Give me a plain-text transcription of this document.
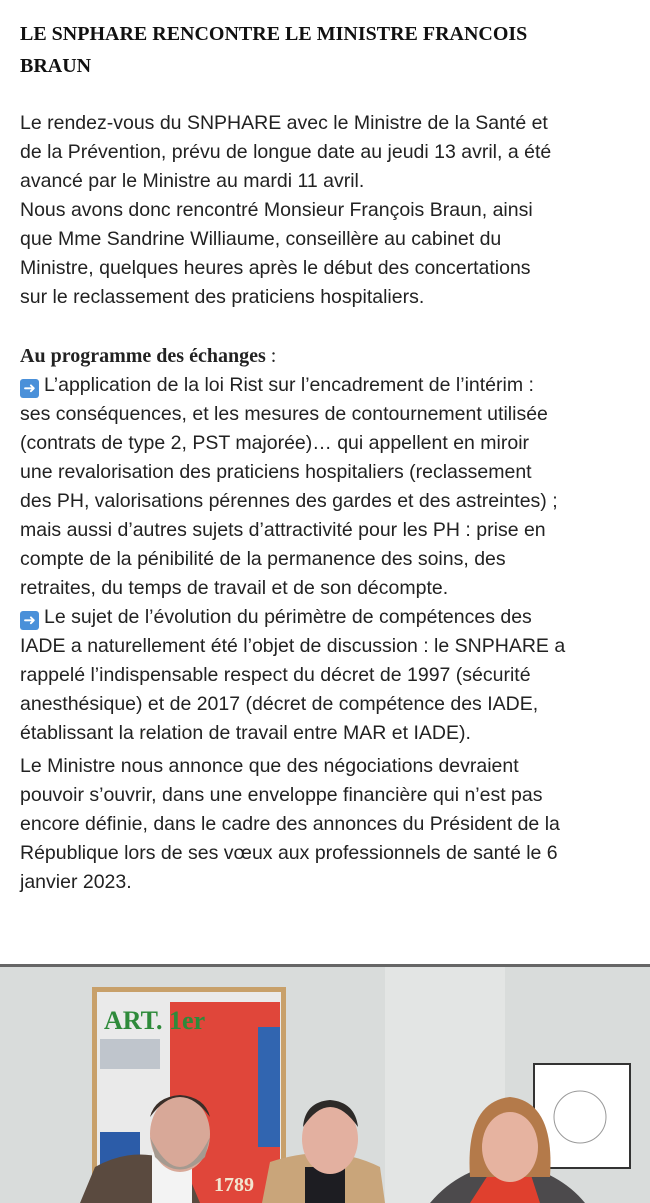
LE SNPHARE RENCONTRE LE MINISTRE FRANCOIS
BRAUN
Le rendez-vous du SNPHARE avec le Ministre de la Santé et
de la Prévention, prévu de longue date au jeudi 13 avril, a été
avancé par le Ministre au mardi 11 avril.
Nous avons donc rencontré Monsieur François Braun, ainsi
que Mme Sandrine Williaume, conseillère au cabinet du
Ministre, quelques heures après le début des concertations
sur le reclassement des praticiens hospitaliers.
Au programme des échanges :
➜ L’application de la loi Rist sur l’encadrement de l’intérim :
ses conséquences, et les mesures de contournement utilisée
(contrats de type 2, PST majorée)… qui appellent en miroir
une revalorisation des praticiens hospitaliers (reclassement
des PH, valorisations pérennes des gardes et des astreintes) ;
mais aussi d’autres sujets d’attractivité pour les PH : prise en
compte de la pénibilité de la permanence des soins, des
retraites, du temps de travail et de son décompte.
➜ Le sujet de l’évolution du périmètre de compétences des
IADE a naturellement été l’objet de discussion : le SNPHARE a
rappelé l’indispensable respect du décret de 1997 (sécurité
anesthésique) et de 2017 (décret de compétence des IADE,
établissant la relation de travail entre MAR et IADE).
Le Ministre nous annonce que des négociations devraient
pouvoir s’ouvrir, dans une enveloppe financière qui n’est pas
encore définie, dans le cadre des annonces du Président de la
République lors de ses vœux aux professionnels de santé le 6
janvier 2023.
ART. 1er
1789
